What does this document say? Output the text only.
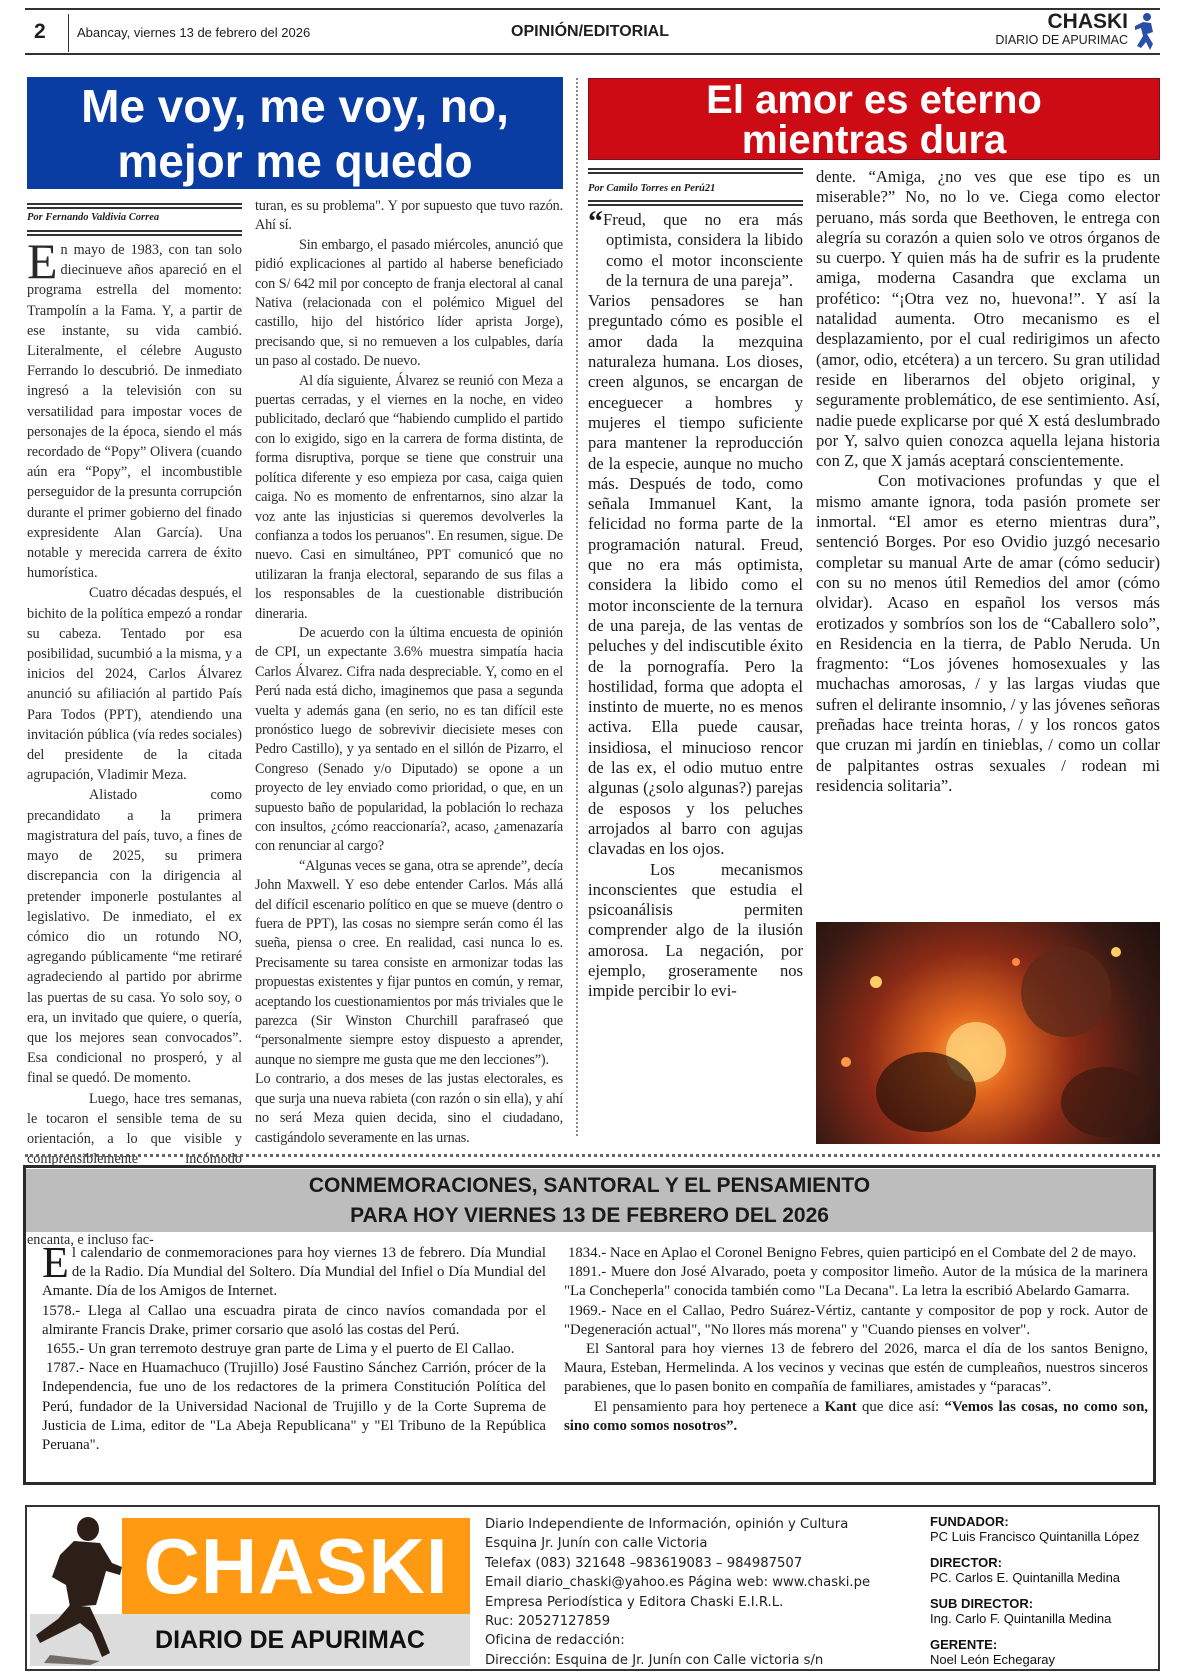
2 Abancay, viernes 13 de febrero del 2026	OPINIÓN/EDITORIAL	CHASKI
DIARIO DE APURIMAC
Me voy, me voy, no,
mejor me quedo
Por Fernando Valdivia Correa

En mayo de 1983, con tan solo diecinueve años apareció en el programa estrella del momento: Trampolín a la Fama. Y, a partir de ese instante, su vida cambió. Literalmente, el célebre Augusto Ferrando lo descubrió. De inmediato ingresó a la televisión con su versatilidad para impostar voces de personajes de la época, siendo el más recordado de “Popy” Olivera (cuando aún era “Popy”, el incombustible perseguidor de la presunta corrupción durante el primer gobierno del finado expresidente Alan García). Una notable y merecida carrera de éxito humorística.

Cuatro décadas después, el bichito de la política empezó a rondar su cabeza. Tentado por esa posibilidad, sucumbió a la misma, y a inicios del 2024, Carlos Álvarez anunció su afiliación al partido País Para Todos (PPT), atendiendo una invitación pública (vía redes sociales) del presidente de la citada agrupación, Vladimir Meza.

Alistado como precandidato a la primera magistratura del país, tuvo, a fines de mayo de 2025, su primera discrepancia con la dirigencia al pretender imponerle postulantes al legislativo. De inmediato, el ex cómico dio un rotundo NO, agregando públicamente “me retiraré agradeciendo al partido por abrirme las puertas de su casa. Yo solo soy, o era, un invitado que quiere, o quería, que los mejores sean convocados”. Esa condicional no prosperó, y al final se quedó. De momento.

Luego, hace tres semanas, le tocaron el sensible tema de su orientación, a lo que visible y comprensiblemente incómodo encanta, e incluso fac-

turan, es su problema". Y por supuesto que tuvo razón. Ahí sí.

Sin embargo, el pasado miércoles, anunció que pidió explicaciones al partido al haberse beneficiado con S/ 642 mil por concepto de franja electoral al canal Nativa (relacionada con el polémico Miguel del castillo, hijo del histórico líder aprista Jorge), precisando que, si no remueven a los culpables, daría un paso al costado. De nuevo.

Al día siguiente, Álvarez se reunió con Meza a puertas cerradas, y el viernes en la noche, en video publicitado, declaró que “habiendo cumplido el partido con lo exigido, sigo en la carrera de forma distinta, de forma disruptiva, porque se tiene que construir una política diferente y eso empieza por casa, caiga quien caiga. No es momento de enfrentarnos, sino alzar la voz ante las injusticias si queremos devolverles la confianza a todos los peruanos". En resumen, sigue. De nuevo. Casi en simultáneo, PPT comunicó que no utilizaran la franja electoral, separando de sus filas a los responsables de la cuestionable distribución dineraria.

De acuerdo con la última encuesta de opinión de CPI, un expectante 3.6% muestra simpatía hacia Carlos Álvarez. Cifra nada despreciable. Y, como en el Perú nada está dicho, imaginemos que pasa a segunda vuelta y además gana (en serio, no es tan difícil este pronóstico luego de sobrevivir diecisiete meses con Pedro Castillo), y ya sentado en el sillón de Pizarro, el Congreso (Senado y/o Diputado) se opone a un proyecto de ley enviado como prioridad, o que, en un supuesto baño de popularidad, la población lo rechaza con insultos, ¿cómo reaccionaría?, acaso, ¿amenazaría con renunciar al cargo?

“Algunas veces se gana, otra se aprende”, decía John Maxwell. Y eso debe entender Carlos. Más allá del difícil escenario político en que se mueve (dentro o fuera de PPT), las cosas no siempre serán como él las sueña, piensa o cree. En realidad, casi nunca lo es. Precisamente su tarea consiste en armonizar todas las propuestas existentes y fijar puntos en común, y remar, aceptando los cuestionamientos por más triviales que le parezca (Sir Winston Churchill parafraseó que “personalmente siempre estoy dispuesto a aprender, aunque no siempre me gusta que me den lecciones”).

Lo contrario, a dos meses de las justas electorales, es que surja una nueva rabieta (con razón o sin ella), y ahí no será Meza quien decida, sino el ciudadano, castigándolo severamente en las urnas.

El amor es eterno
mientras dura
Por Camilo Torres en Perú21

“Freud, que no era más optimista, considera la libido como el motor inconsciente de la ternura de una pareja”.

Varios pensadores se han preguntado cómo es posible el amor dada la mezquina naturaleza humana. Los dioses, creen algunos, se encargan de enceguecer a hombres y mujeres el tiempo suficiente para mantener la reproducción de la especie, aunque no mucho más. Después de todo, como señala Immanuel Kant, la felicidad no forma parte de la programación natural. Freud, que no era más optimista, considera la libido como el motor inconsciente de la ternura de una pareja, de las ventas de peluches y del indiscutible éxito de la pornografía. Pero la hostilidad, forma que adopta el instinto de muerte, no es menos activa. Ella puede causar, insidiosa, el minucioso rencor de las ex, el odio mutuo entre algunas (¿solo algunas?) parejas de esposos y los peluches arrojados al barro con agujas clavadas en los ojos.

Los mecanismos inconscientes que estudia el psicoanálisis permiten comprender algo de la ilusión amorosa. La negación, por ejemplo, groseramente nos impide percibir lo evi-

dente. “Amiga, ¿no ves que ese tipo es un miserable?” No, no lo ve. Ciega como elector peruano, más sorda que Beethoven, le entrega con alegría su corazón a quien solo ve otros órganos de su cuerpo. Y quien más ha de sufrir es la prudente amiga, moderna Casandra que exclama un profético: “¡Otra vez no, huevona!”. Y así la natalidad aumenta. Otro mecanismo es el desplazamiento, por el cual redirigimos un afecto (amor, odio, etcétera) a un tercero. Su gran utilidad reside en liberarnos del objeto original, y seguramente problemático, de ese sentimiento. Así, nadie puede explicarse por qué X está deslumbrado por Y, salvo quien conozca aquella lejana historia con Z, que X jamás aceptará conscientemente.

Con motivaciones profundas y que el mismo amante ignora, toda pasión promete ser inmortal. “El amor es eterno mientras dura”, sentenció Borges. Por eso Ovidio juzgó necesario completar su manual Arte de amar (cómo seducir) con su no menos útil Remedios del amor (cómo olvidar). Acaso en español los versos más erotizados y sombríos son los de “Caballero solo”, en Residencia en la tierra, de Pablo Neruda. Un fragmento: “Los jóvenes homosexuales y las muchachas amorosas, / y las largas viudas que sufren el delirante insomnio, / y las jóvenes señoras preñadas hace treinta horas, / y los roncos gatos que cruzan mi jardín en tinieblas, / como un collar de palpitantes ostras sexuales / rodean mi residencia solitaria”.

CONMEMORACIONES, SANTORAL Y EL PENSAMIENTO
PARA HOY VIERNES 13 DE FEBRERO DEL 2026

El calendario de conmemoraciones para hoy viernes 13 de febrero. Día Mundial de la Radio. Día Mundial del Soltero. Día Mundial del Infiel o Día Mundial del Amante. Día de los Amigos de Internet.

1578.- Llega al Callao una escuadra pirata de cinco navíos comandada por el almirante Francis Drake, primer corsario que asoló las costas del Perú.

1655.- Un gran terremoto destruye gran parte de Lima y el puerto de El Callao.

1787.- Nace en Huamachuco (Trujillo) José Faustino Sánchez Carrión, prócer de la Independencia, fue uno de los redactores de la primera Constitución Política del Perú, fundador de la Universidad Nacional de Trujillo y de la Corte Suprema de Justicia de Lima, editor de "La Abeja Republicana" y "El Tribuno de la República Peruana".

1834.- Nace en Aplao el Coronel Benigno Febres, quien participó en el Combate del 2 de mayo.

1891.- Muere don José Alvarado, poeta y compositor limeño. Autor de la música de la marinera "La Concheperla" conocida también como "La Decana". La letra la escribió Abelardo Gamarra.

1969.- Nace en el Callao, Pedro Suárez-Vértiz, cantante y compositor de pop y rock. Autor de "Degeneración actual", "No llores más morena" y "Cuando pienses en volver".

El Santoral para hoy viernes 13 de febrero del 2026, marca el día de los santos Benigno, Maura, Esteban, Hermelinda. A los vecinos y vecinas que estén de cumpleaños, nuestros sinceros parabienes, que lo pasen bonito en compañía de familiares, amistades y “paracas”.

El pensamiento para hoy pertenece a Kant que dice así: “Vemos las cosas, no como son, sino como somos nosotros”.

CHASKI
DIARIO DE APURIMAC
Diario Independiente de Información, opinión y Cultura
Esquina Jr. Junín con calle Victoria
Telefax (083) 321648 –983619083 – 984987507
Email diario_chaski@yahoo.es Página web: www.chaski.pe
Empresa Periodística y Editora Chaski E.I.R.L.
Ruc: 20527127859
Oficina de redacción:
Dirección: Esquina de Jr. Junín con Calle victoria s/n
FUNDADOR:
PC Luis Francisco Quintanilla López
DIRECTOR:
PC. Carlos E. Quintanilla Medina
SUB DIRECTOR:
Ing. Carlo F. Quintanilla Medina
GERENTE:
Noel León Echegaray
